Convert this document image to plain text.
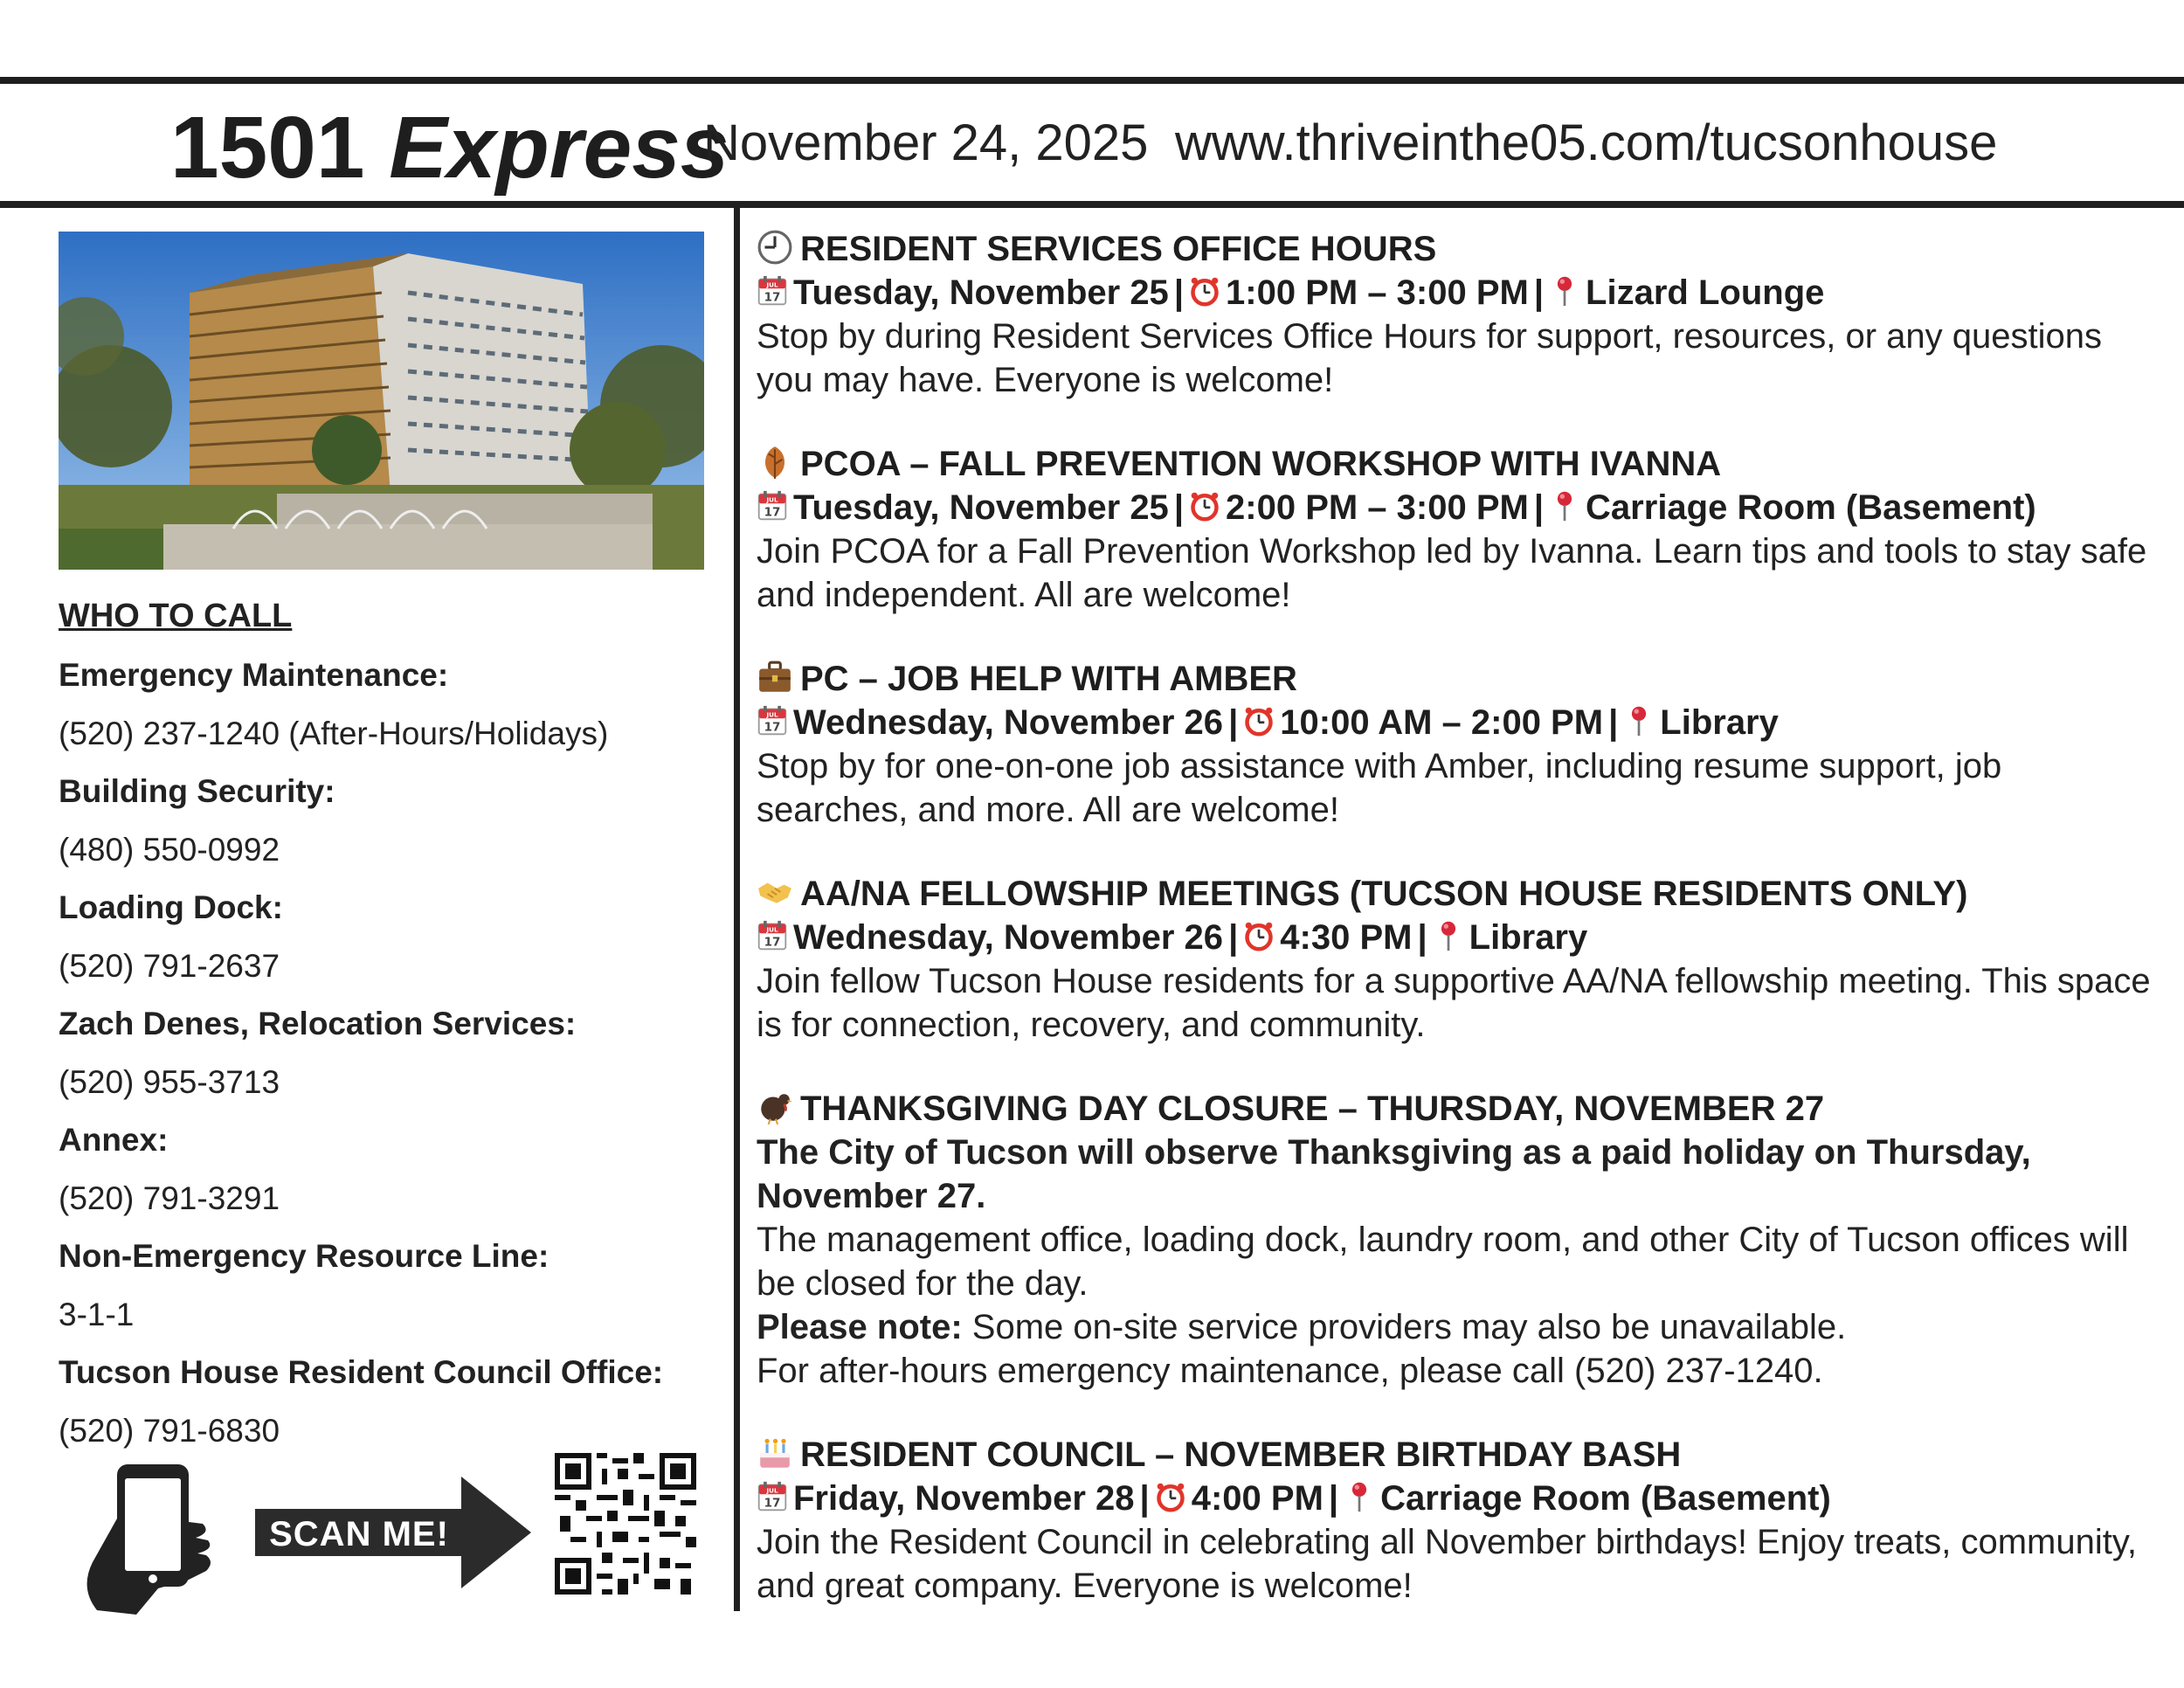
1501 Express
November 24, 2025 www.thriveinthe05.com/tucsonhouse
WHO TO CALL
Emergency Maintenance:
(520) 237-1240 (After-Hours/Holidays)
Building Security:
(480) 550-0992
Loading Dock:
(520) 791-2637
Zach Denes, Relocation Services:
(520) 955-3713
Annex:
(520) 791-3291
Non-Emergency Resource Line:
3-1-1
Tucson House Resident Council Office:
(520) 791-6830
SCAN ME!

RESIDENT SERVICES OFFICE HOURS

Tuesday, November 25 | 1:00 PM – 3:00 PM | Lizard Lounge

Stop by during Resident Services Office Hours for support, resources, or any questions you may have. Everyone is welcome!

PCOA – FALL PREVENTION WORKSHOP WITH IVANNA

Tuesday, November 25 | 2:00 PM – 3:00 PM | Carriage Room (Basement)

Join PCOA for a Fall Prevention Workshop led by Ivanna. Learn tips and tools to stay safe and independent. All are welcome!

PC – JOB HELP WITH AMBER

Wednesday, November 26 | 10:00 AM – 2:00 PM | Library

Stop by for one-on-one job assistance with Amber, including resume support, job searches, and more. All are welcome!

AA/NA FELLOWSHIP MEETINGS (TUCSON HOUSE RESIDENTS ONLY)

Wednesday, November 26 | 4:30 PM | Library

Join fellow Tucson House residents for a supportive AA/NA fellowship meeting. This space is for connection, recovery, and community.

THANKSGIVING DAY CLOSURE – THURSDAY, NOVEMBER 27

The City of Tucson will observe Thanksgiving as a paid holiday on Thursday, November 27.

The management office, loading dock, laundry room, and other City of Tucson offices will be closed for the day.

Please note: Some on-site service providers may also be unavailable.

For after-hours emergency maintenance, please call (520) 237-1240.

RESIDENT COUNCIL – NOVEMBER BIRTHDAY BASH

Friday, November 28 | 4:00 PM | Carriage Room (Basement)

Join the Resident Council in celebrating all November birthdays! Enjoy treats, community, and great company. Everyone is welcome!
